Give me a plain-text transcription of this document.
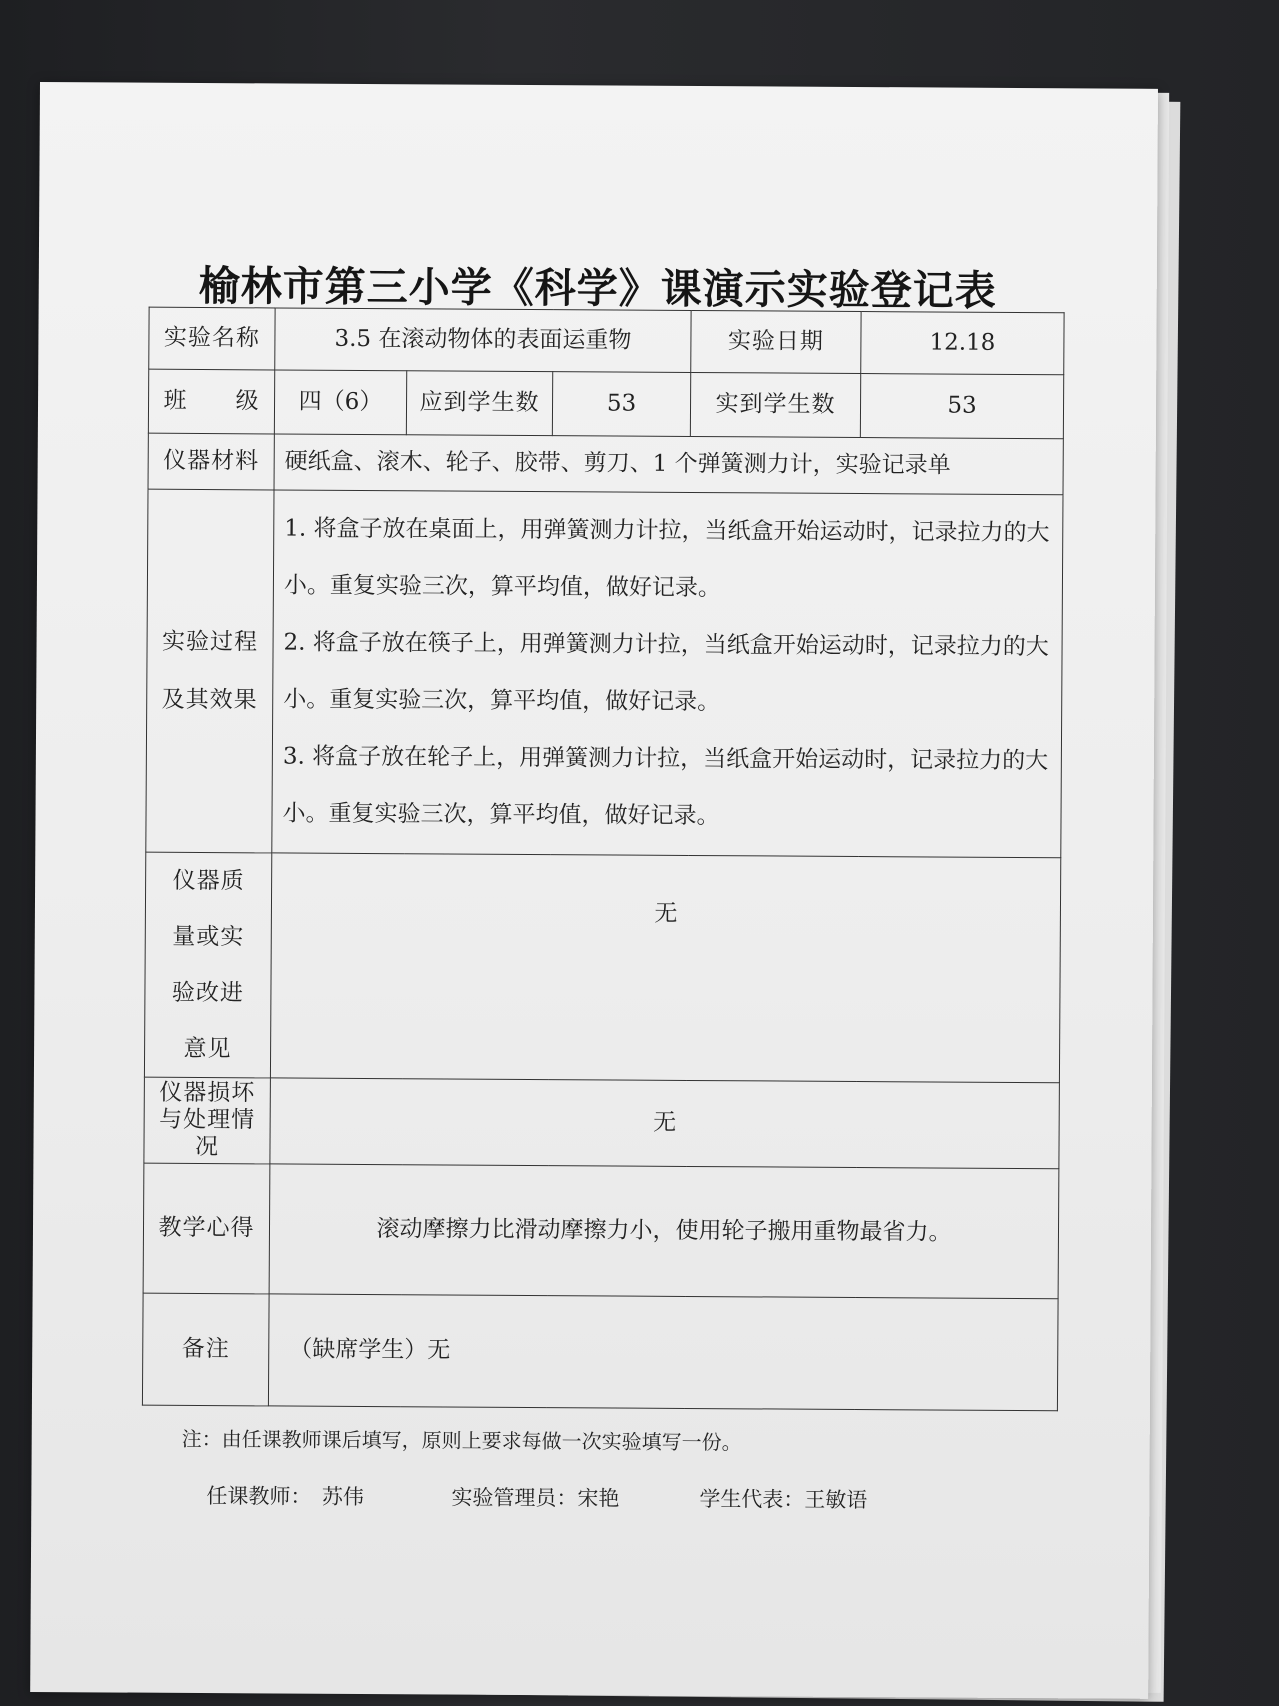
榆林市第三小学《科学》课演示实验登记表
实验名称	3.5 在滚动物体的表面运重物			实验日期	12.18
班　　级	四（6）	应到学生数	53	实到学生数	53
仪器材料	硬纸盒、滚木、轮子、胶带、剪刀、1 个弹簧测力计，实验记录单				
实验过程及其效果	1. 将盒子放在桌面上，用弹簧测力计拉，当纸盒开始运动时，记录拉力的大小。重复实验三次，算平均值，做好记录。
2. 将盒子放在筷子上，用弹簧测力计拉，当纸盒开始运动时，记录拉力的大小。重复实验三次，算平均值，做好记录。
3. 将盒子放在轮子上，用弹簧测力计拉，当纸盒开始运动时，记录拉力的大小。重复实验三次，算平均值，做好记录。				

仪器质量或实验改进意见	无				
仪器损坏与处理情况	无				
教学心得	滚动摩擦力比滑动摩擦力小，使用轮子搬用重物最省力。				
备注	（缺席学生）无				
注：由任课教师课后填写，原则上要求每做一次实验填写一份。
任课教师：　苏伟	实验管理员：宋艳	学生代表：王敏语
